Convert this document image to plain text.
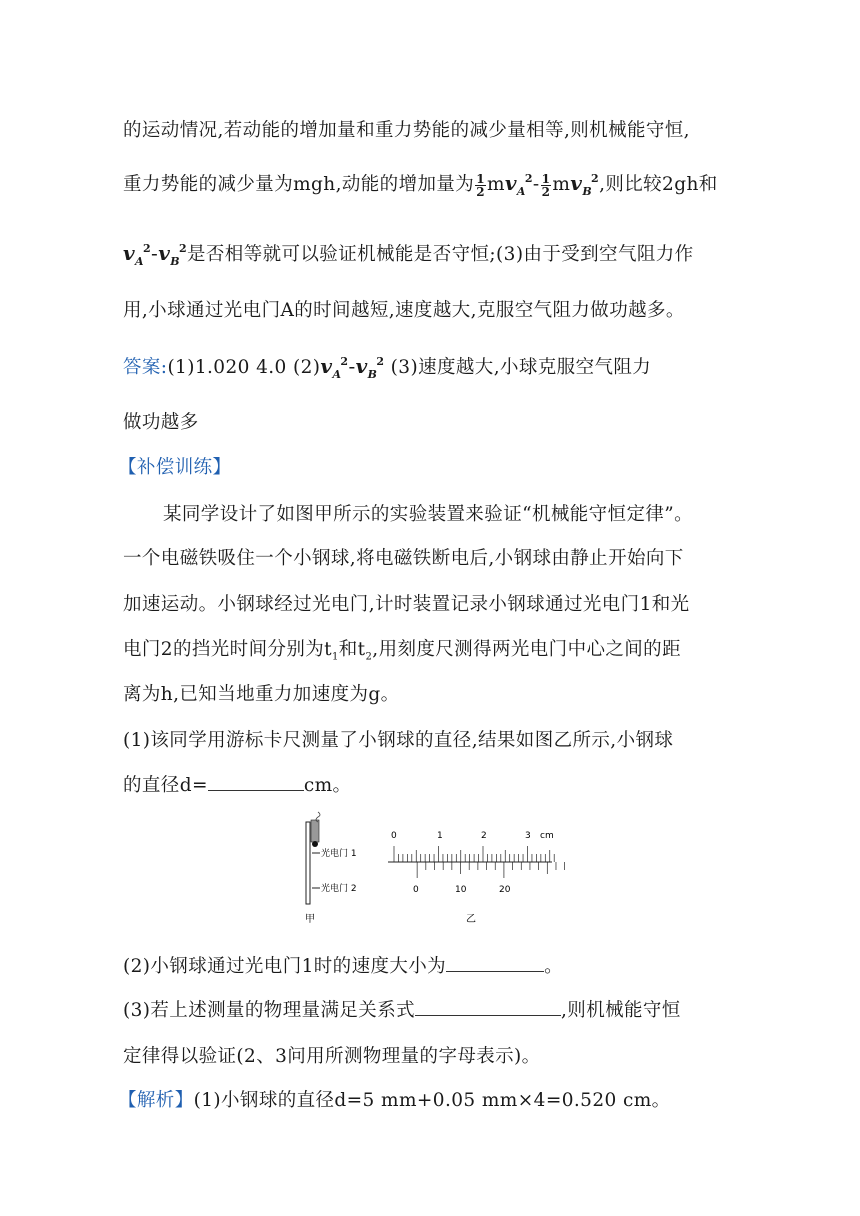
的运动情况,若动能的增加量和重力势能的减少量相等,则机械能守恒,
重力势能的减少量为mgh,动能的增加量为 $\frac{1}{2} mv_A^2- \frac{1}{2} mv_B^2$,则比较2gh和
$v_A^2-v_B^2$是否相等就可以验证机械能是否守恒;(3)由于受到空气阻力作
用,小球通过光电门A的时间越短,速度越大,克服空气阻力做功越多。
答案:(1)1.020 4.0 $(2)v_A^2-v_B^2$ (3)速度越大,小球克服空气阻力
做功越多
【补偿训练】
某同学设计了如图甲所示的实验装置来验证“机械能守恒定律”。
一个电磁铁吸住一个小钢球,将电磁铁断电后,小钢球由静止开始向下
加速运动。小钢球经过光电门,计时装置记录小钢球通过光电门1和光
电门2的挡光时间分别为$t_1$和$t_2$,用刻度尺测得两光电门中心之间的距
离为h,已知当地重力加速度为g。
(1)该同学用游标卡尺测量了小钢球的直径,结果如图乙所示,小钢球
的直径d=	cm。
光电门 1
光电门 2
甲
0	1	2	3 cm
0	10	20
乙
(2)小钢球通过光电门1时的速度大小为	。
(3)若上述测量的物理量满足关系式	,则机械能守恒
定律得以验证(2、3问用所测物理量的字母表示)。
【解析】(1)小钢球的直径d=5 mm+0.05 mm×4=0.520 cm。
